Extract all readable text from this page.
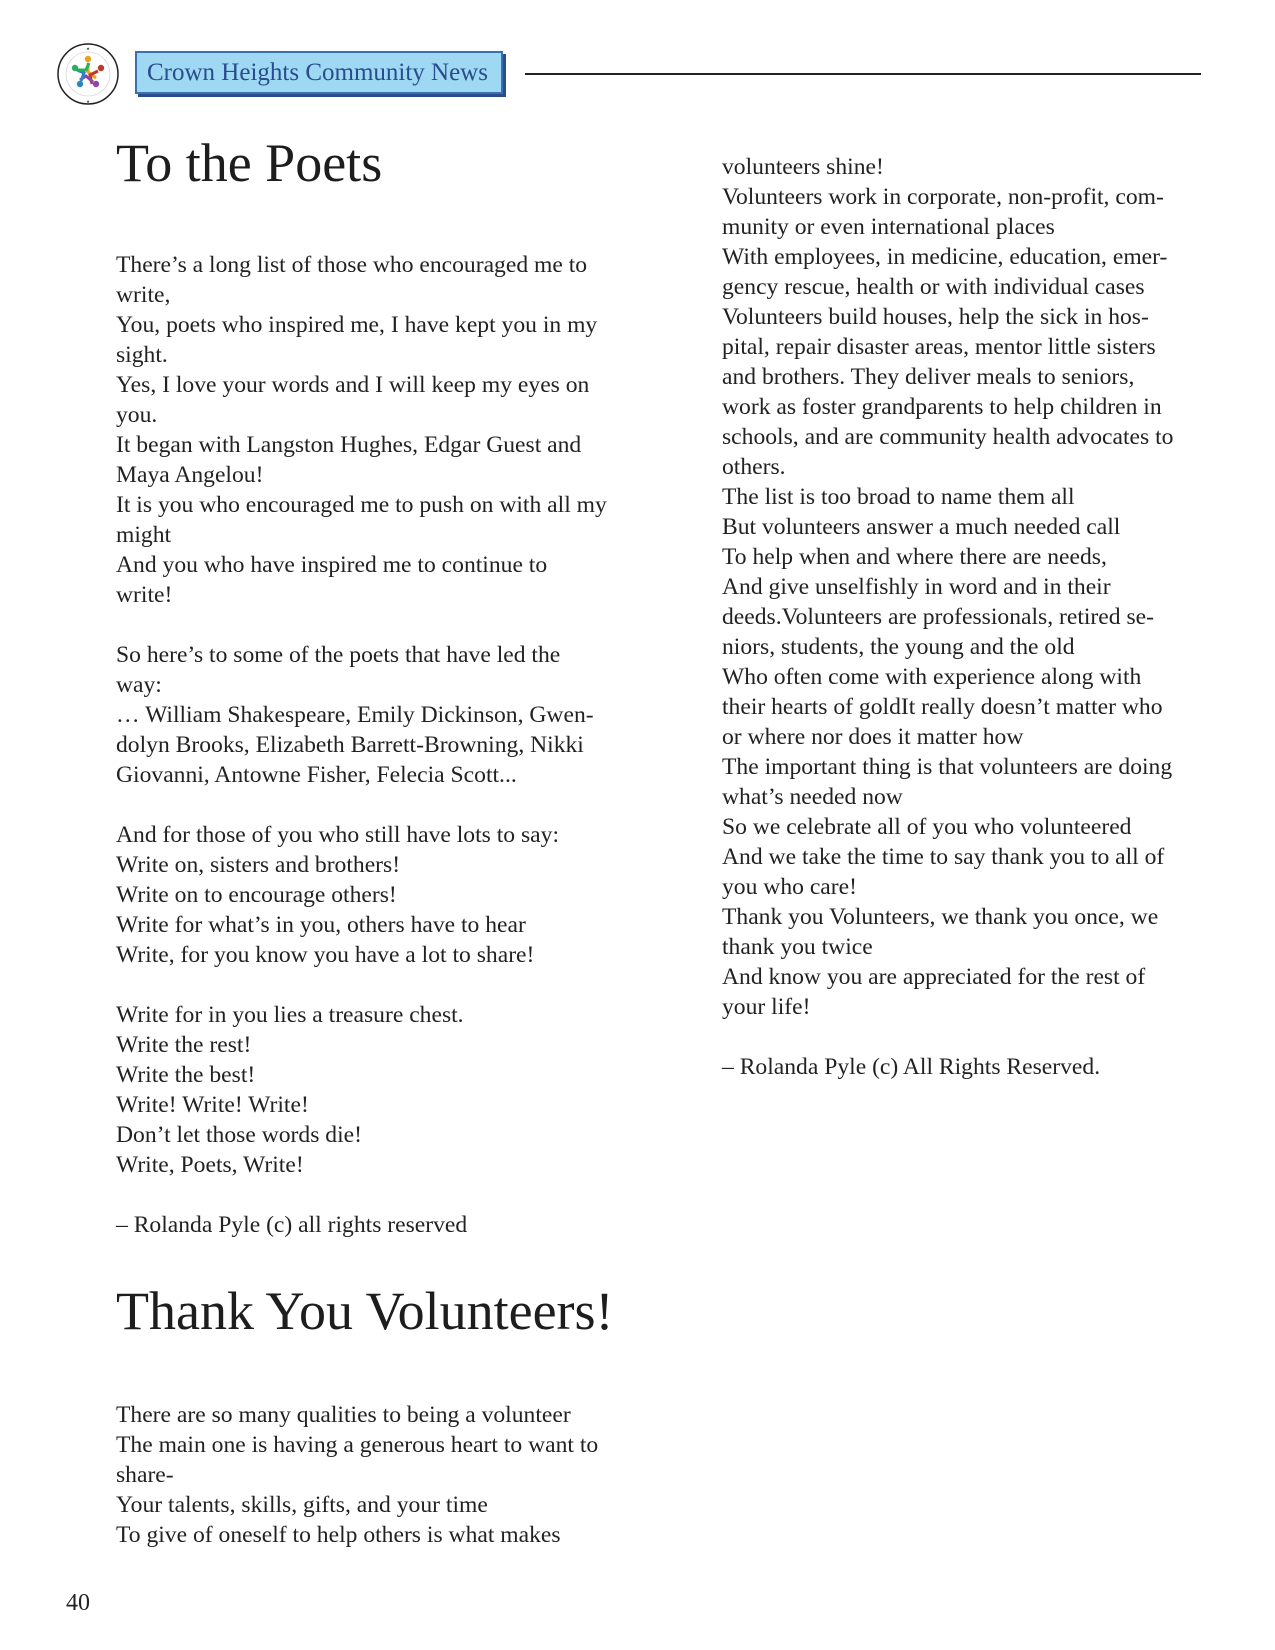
★
★
Crown Heights Community News
To the Poets
There’s a long list of those who encouraged me to
write,
You, poets who inspired me, I have kept you in my
sight.
Yes, I love your words and I will keep my eyes on
you.
It began with Langston Hughes, Edgar Guest and
Maya Angelou!
It is you who encouraged me to push on with all my
might
And you who have inspired me to continue to
write!
So here’s to some of the poets that have led the
way:
… William Shakespeare, Emily Dickinson, Gwen-
dolyn Brooks, Elizabeth Barrett-Browning, Nikki
Giovanni, Antowne Fisher, Felecia Scott...
And for those of you who still have lots to say:
Write on, sisters and brothers!
Write on to encourage others!
Write for what’s in you, others have to hear
Write, for you know you have a lot to share!
Write for in you lies a treasure chest.
Write the rest!
Write the best!
Write! Write! Write!
Don’t let those words die!
Write, Poets, Write!
– Rolanda Pyle (c) all rights reserved
Thank You Volunteers!
There are so many qualities to being a volunteer
The main one is having a generous heart to want to
share-
Your talents, skills, gifts, and your time
To give of oneself to help others is what makes
volunteers shine!
Volunteers work in corporate, non-profit, com-
munity or even international places
With employees, in medicine, education, emer-
gency rescue, health or with individual cases
Volunteers build houses, help the sick in hos-
pital, repair disaster areas, mentor little sisters
and brothers. They deliver meals to seniors,
work as foster grandparents to help children in
schools, and are community health advocates to
others.
The list is too broad to name them all
But volunteers answer a much needed call
To help when and where there are needs,
And give unselfishly in word and in their
deeds.Volunteers are professionals, retired se-
niors, students, the young and the old
Who often come with experience along with
their hearts of goldIt really doesn’t matter who
or where nor does it matter how
The important thing is that volunteers are doing
what’s needed now
So we celebrate all of you who volunteered
And we take the time to say thank you to all of
you who care!
Thank you Volunteers, we thank you once, we
thank you twice
And know you are appreciated for the rest of
your life!
– Rolanda Pyle (c) All Rights Reserved.
40
